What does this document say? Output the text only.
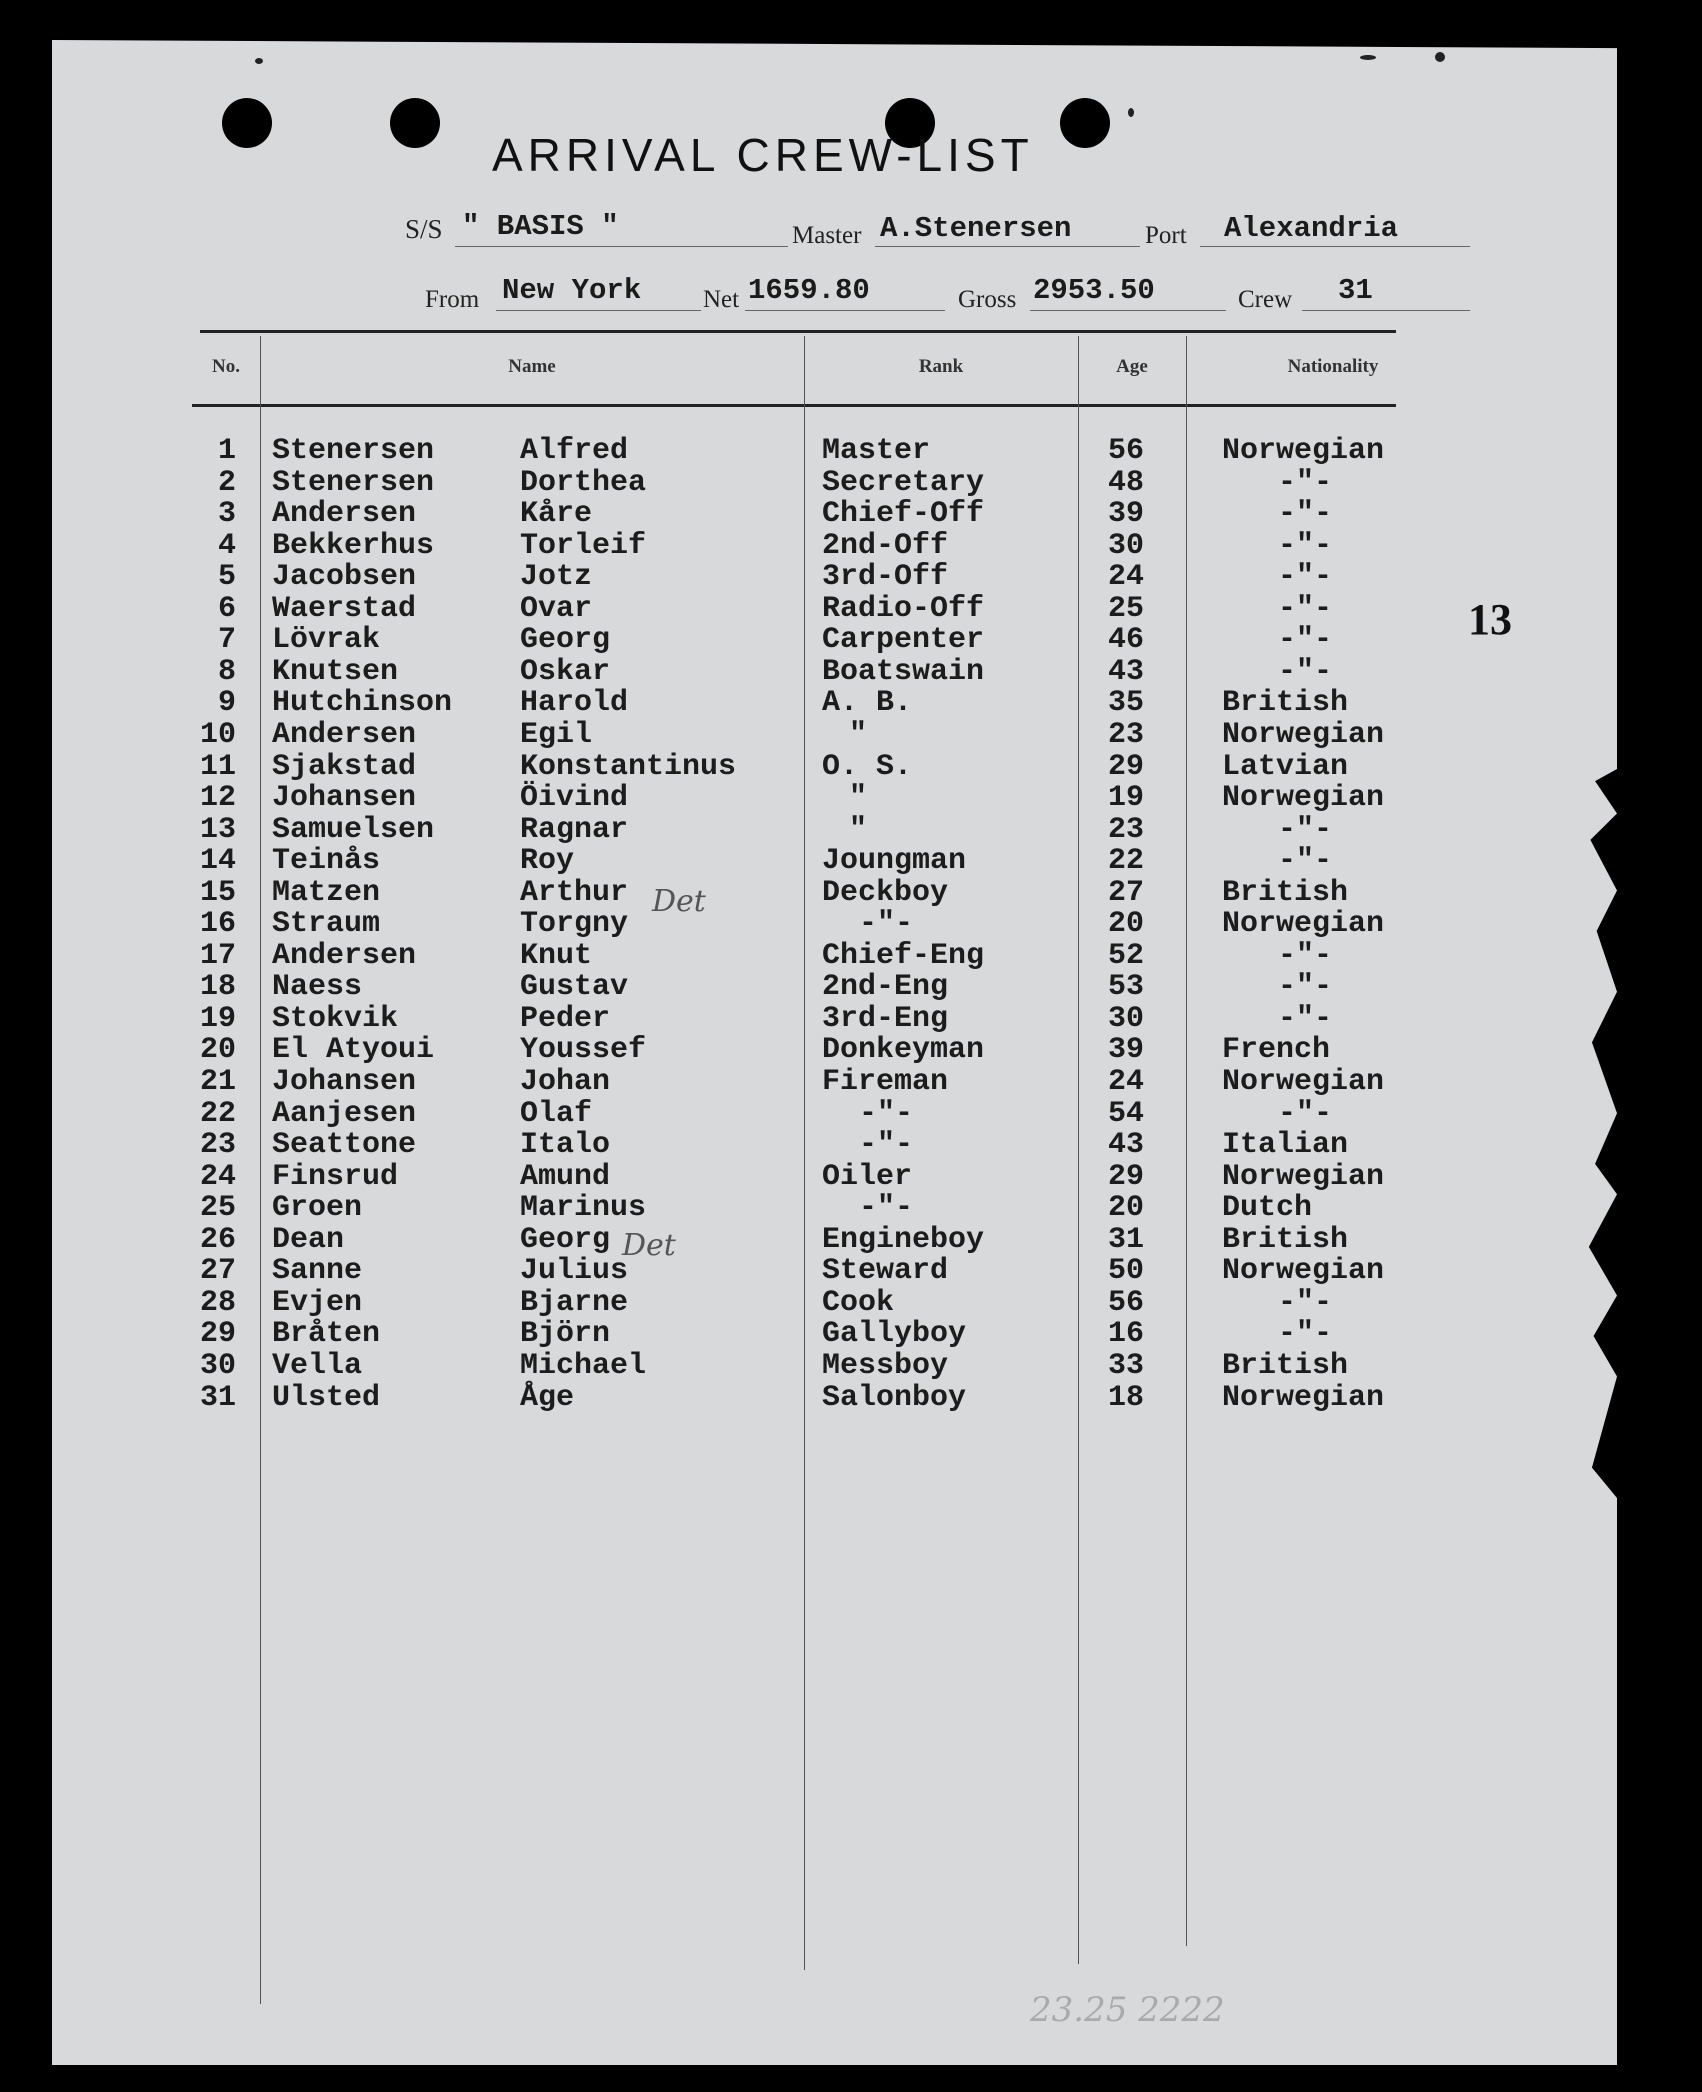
ARRIVAL CREW-LIST
S/S " BASIS "	Master A.Stenersen	Port Alexandria
From New York Net 1659.80	Gross 2953.50	Crew 31
No.	Name	Rank	Age	Nationality
1 Stenersen	Alfred	Master	56	Norwegian
2 Stenersen	Dorthea	Secretary	48	-"-
3 Andersen	Kåre	Chief-Off	39	-"-
4 Bekkerhus	Torleif	2nd-Off	30	-"-
5 Jacobsen	Jotz	3rd-Off	24	-"-
6 Waerstad	Ovar	Radio-Off	25	-"-
7 Lövrak	Georg	Carpenter	46	-"-
8 Knutsen	Oskar	Boatswain	43	-"-
9 Hutchinson Harold	A. B.	35	British
10 Andersen	Egil	"	23	Norwegian
11 Sjakstad	Konstantinus	O. S.	29	Latvian
12 Johansen	Öivind	"	19	Norwegian
13 Samuelsen	Ragnar	"	23	-"-
14 Teinås	Roy	Joungman	22	-"-
15 Matzen	Arthur	Deckboy	27	British
16 Straum	Torgny	-"-	20	Norwegian
17 Andersen	Knut	Chief-Eng	52	-"-
18 Naess	Gustav	2nd-Eng	53	-"-
19 Stokvik	Peder	3rd-Eng	30	-"-
20 El Atyoui	Youssef	Donkeyman	39	French
21 Johansen	Johan	Fireman	24	Norwegian
22 Aanjesen	Olaf	-"-	54	-"-
23 Seattone	Italo	-"-	43	Italian
24 Finsrud	Amund	Oiler	29	Norwegian
25 Groen	Marinus	-"-	20	Dutch
26 Dean	Georg	Engineboy	31	British
27 Sanne	Julius	Steward	50	Norwegian
28 Evjen	Bjarne	Cook	56	-"-
29 Bråten	Björn	Gallyboy	16	-"-
30 Vella	Michael	Messboy	33	British
31 Ulsted	Åge	Salonboy	18	Norwegian
Det
Det
13
23.25 2222
